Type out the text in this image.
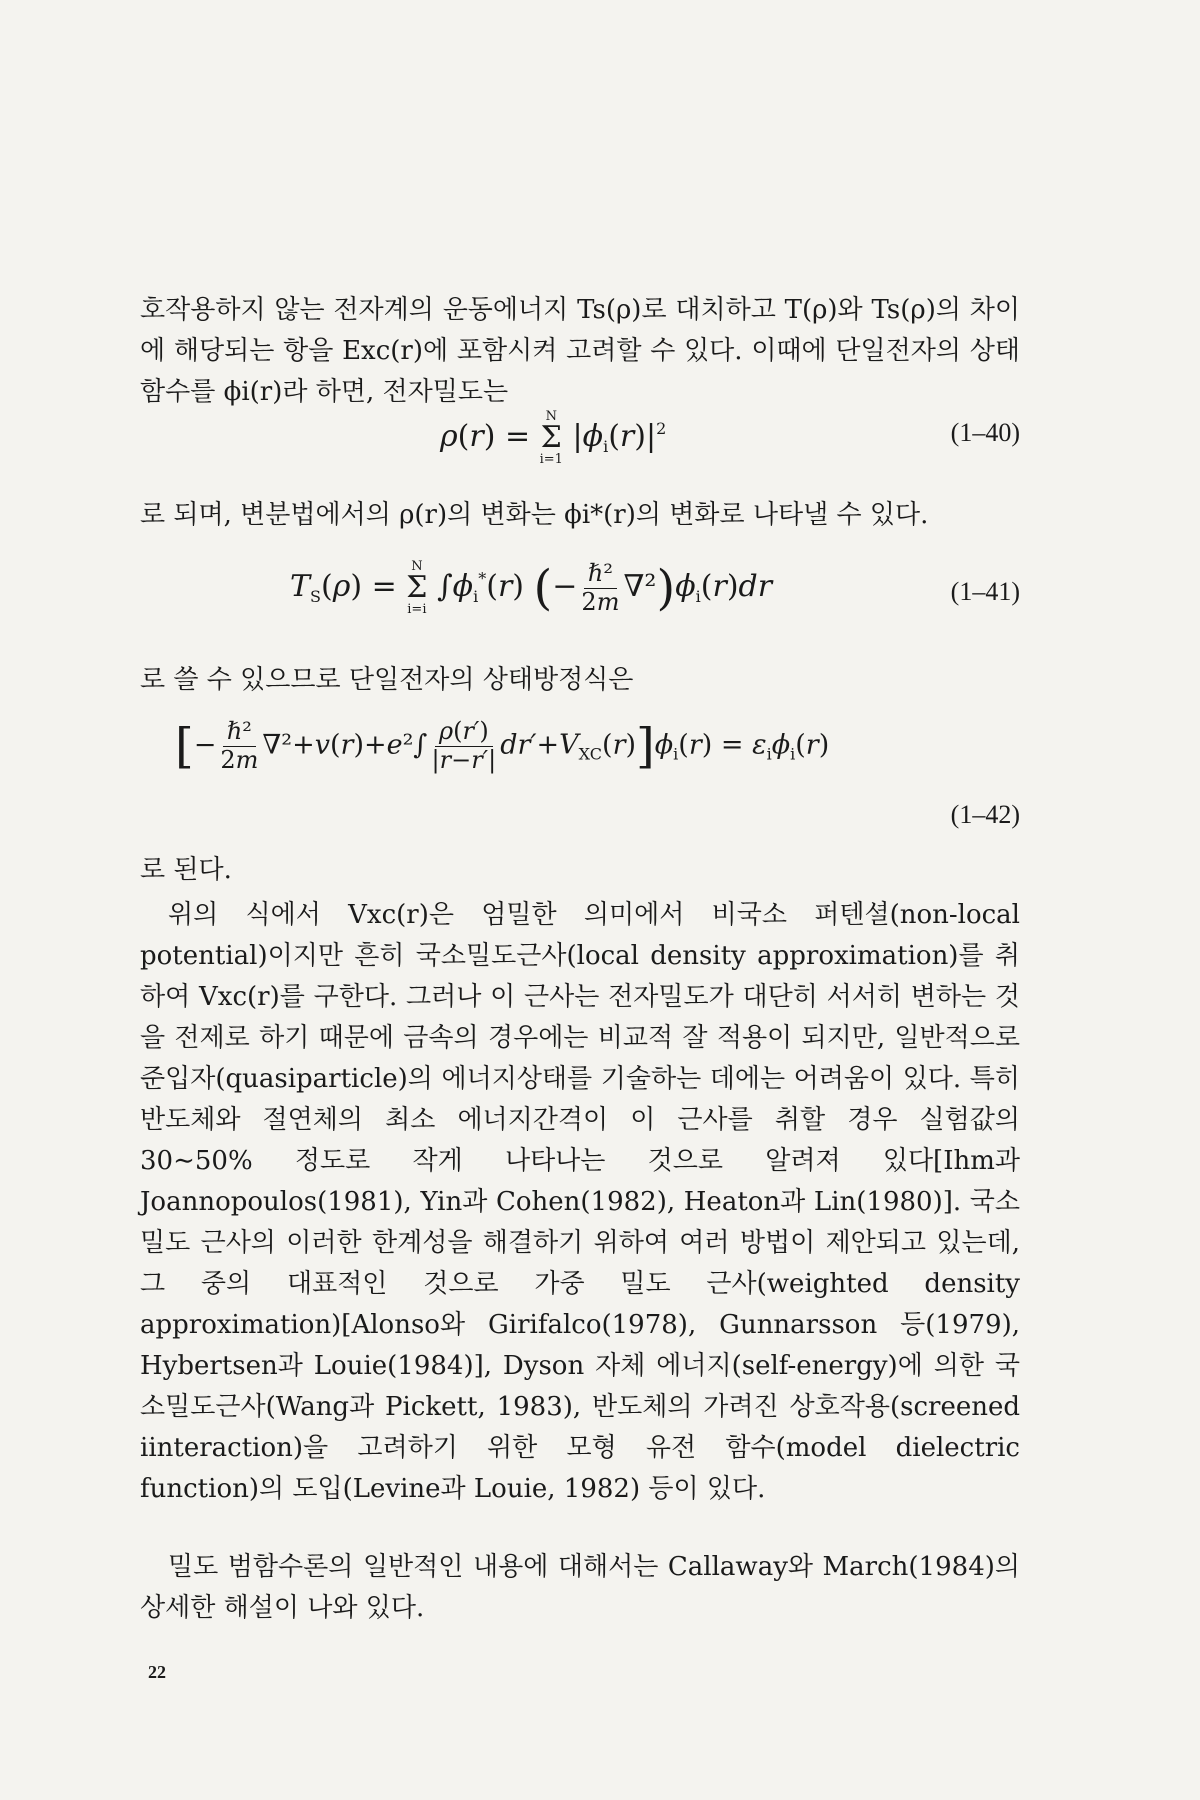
호작용하지 않는 전자계의 운동에너지 Ts(ρ)로 대치하고 T(ρ)와 Ts(ρ)의 차이에 해당되는 항을 Exc(r)에 포함시켜 고려할 수 있다. 이때에 단일전자의 상태함수를 ϕi(r)라 하면, 전자밀도는

ρ(r) =
N
Σ
i=1
$|\phi_i(r)|^2$	(1–40)

로 되며, 변분법에서의 ρ(r)의 변화는 ϕi*(r)의 변화로 나타낼 수 있다.

$T_S(\rho)$ =
N
Σ
i=i
$\int\phi_i^*(r)$ (− $\frac{\text{ℏ²}}{2m} \nabla^2)\phi_i(r)dr$	(1–41)

로 쓸 수 있으므로 단일전자의 상태방정식은

[− $\frac{\text{ℏ²}}{2m} \nabla^2+v(r)+e^2\int \frac{\rho(r')}{|r-r'|} dr'+V_{XC}(r)]\phi_i(r) = \varepsilon_i\phi_i(r)$
(1–42)

로 된다.

위의 식에서 Vxc(r)은 엄밀한 의미에서 비국소 퍼텐셜(non-local potential)이지만 흔히 국소밀도근사(local density approximation)를 취하여 Vxc(r)를 구한다. 그러나 이 근사는 전자밀도가 대단히 서서히 변하는 것을 전제로 하기 때문에 금속의 경우에는 비교적 잘 적용이 되지만, 일반적으로 준입자(quasiparticle)의 에너지상태를 기술하는 데에는 어려움이 있다. 특히 반도체와 절연체의 최소 에너지간격이 이 근사를 취할 경우 실험값의 30∼50% 정도로 작게 나타나는 것으로 알려져 있다[Ihm과 Joannopoulos(1981), Yin과 Cohen(1982), Heaton과 Lin(1980)]. 국소밀도 근사의 이러한 한계성을 해결하기 위하여 여러 방법이 제안되고 있는데, 그 중의 대표적인 것으로 가중 밀도 근사(weighted density approximation)[Alonso와 Girifalco(1978), Gunnarsson 등(1979), Hybertsen과 Louie(1984)], Dyson 자체 에너지(self-energy)에 의한 국소밀도근사(Wang과 Pickett, 1983), 반도체의 가려진 상호작용(screened iinteraction)을 고려하기 위한 모형 유전 함수(model dielectric function)의 도입(Levine과 Louie, 1982) 등이 있다.

밀도 범함수론의 일반적인 내용에 대해서는 Callaway와 March(1984)의 상세한 해설이 나와 있다.

22
